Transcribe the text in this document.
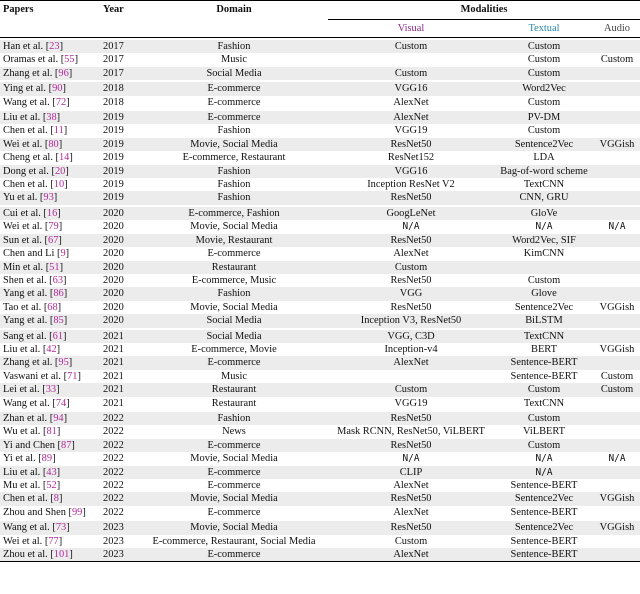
Papers	Year	Domain	Modalities		
			Visual	Textual	Audio
Han et al. [23]	2017	Fashion	Custom	Custom	
Oramas et al. [55]	2017	Music		Custom	Custom
Zhang et al. [96]	2017	Social Media	Custom	Custom	
Ying et al. [90]	2018	E-commerce	VGG16	Word2Vec	
Wang et al. [72]	2018	E-commerce	AlexNet	Custom	
Liu et al. [38]	2019	E-commerce	AlexNet	PV-DM	
Chen et al. [11]	2019	Fashion	VGG19	Custom	
Wei et al. [80]	2019	Movie, Social Media	ResNet50	Sentence2Vec	VGGish
Cheng et al. [14]	2019	E-commerce, Restaurant	ResNet152	LDA	
Dong et al. [20]	2019	Fashion	VGG16	Bag-of-word scheme	
Chen et al. [10]	2019	Fashion	Inception ResNet V2	TextCNN	
Yu et al. [93]	2019	Fashion	ResNet50	CNN, GRU	
Cui et al. [16]	2020	E-commerce, Fashion	GoogLeNet	GloVe	
Wei et al. [79]	2020	Movie, Social Media	N/A	N/A	N/A
Sun et al. [67]	2020	Movie, Restaurant	ResNet50	Word2Vec, SIF	
Chen and Li [9]	2020	E-commerce	AlexNet	KimCNN	
Min et al. [51]	2020	Restaurant	Custom		
Shen et al. [63]	2020	E-commerce, Music	ResNet50	Custom	
Yang et al. [86]	2020	Fashion	VGG	Glove	
Tao et al. [68]	2020	Movie, Social Media	ResNet50	Sentence2Vec	VGGish
Yang et al. [85]	2020	Social Media	Inception V3, ResNet50	BiLSTM	
Sang et al. [61]	2021	Social Media	VGG, C3D	TextCNN	
Liu et al. [42]	2021	E-commerce, Movie	Inception-v4	BERT	VGGish
Zhang et al. [95]	2021	E-commerce	AlexNet	Sentence-BERT	
Vaswani et al. [71]	2021	Music		Sentence-BERT	Custom
Lei et al. [33]	2021	Restaurant	Custom	Custom	Custom
Wang et al. [74]	2021	Restaurant	VGG19	TextCNN	
Zhan et al. [94]	2022	Fashion	ResNet50	Custom	
Wu et al. [81]	2022	News	Mask RCNN, ResNet50, ViLBERT	ViLBERT	
Yi and Chen [87]	2022	E-commerce	ResNet50	Custom	
Yi et al. [89]	2022	Movie, Social Media	N/A	N/A	N/A
Liu et al. [43]	2022	E-commerce	CLIP	N/A	
Mu et al. [52]	2022	E-commerce	AlexNet	Sentence-BERT	
Chen et al. [8]	2022	Movie, Social Media	ResNet50	Sentence2Vec	VGGish
Zhou and Shen [99]	2022	E-commerce	AlexNet	Sentence-BERT	
Wang et al. [73]	2023	Movie, Social Media	ResNet50	Sentence2Vec	VGGish
Wei et al. [77]	2023	E-commerce, Restaurant, Social Media	Custom	Sentence-BERT	
Zhou et al. [101]	2023	E-commerce	AlexNet	Sentence-BERT	
